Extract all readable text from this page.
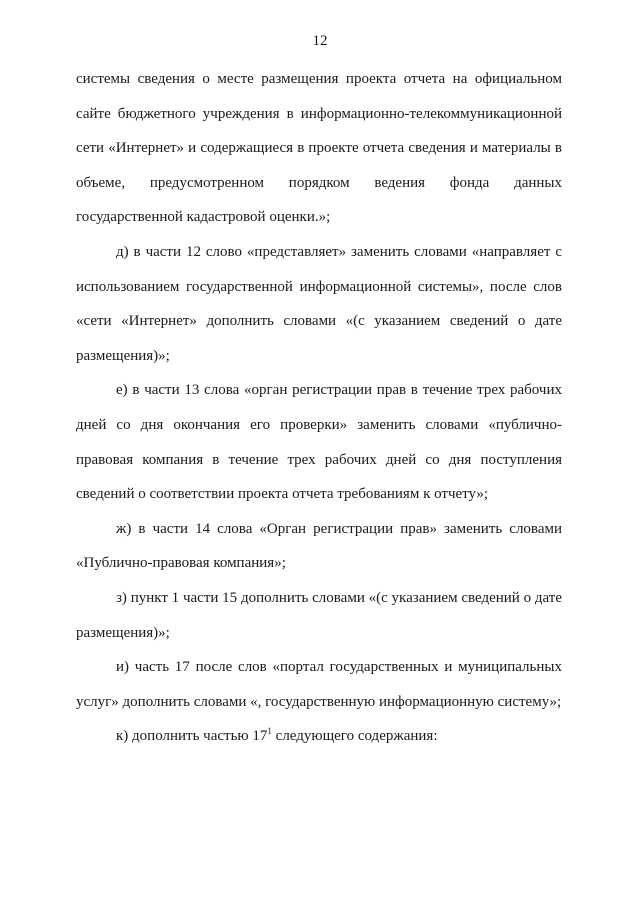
12

системы сведения о месте размещения проекта отчета на официальном сайте бюджетного учреждения в информационно-телекоммуникационной сети «Интернет» и содержащиеся в проекте отчета сведения и материалы в объеме, предусмотренном порядком ведения фонда данных государственной кадастровой оценки.»;

д) в части 12 слово «представляет» заменить словами «направляет с использованием государственной информационной системы», после слов «сети «Интернет» дополнить словами «(с указанием сведений о дате размещения)»;

е) в части 13 слова «орган регистрации прав в течение трех рабочих дней со дня окончания его проверки» заменить словами «публично-правовая компания в течение трех рабочих дней со дня поступления сведений о соответствии проекта отчета требованиям к отчету»;

ж) в части 14 слова «Орган регистрации прав» заменить словами «Публично-правовая компания»;

з) пункт 1 части 15 дополнить словами «(с указанием сведений о дате размещения)»;

и) часть 17 после слов «портал государственных и муниципальных услуг» дополнить словами «, государственную информационную систему»;

к) дополнить частью $17^1$ следующего содержания:
